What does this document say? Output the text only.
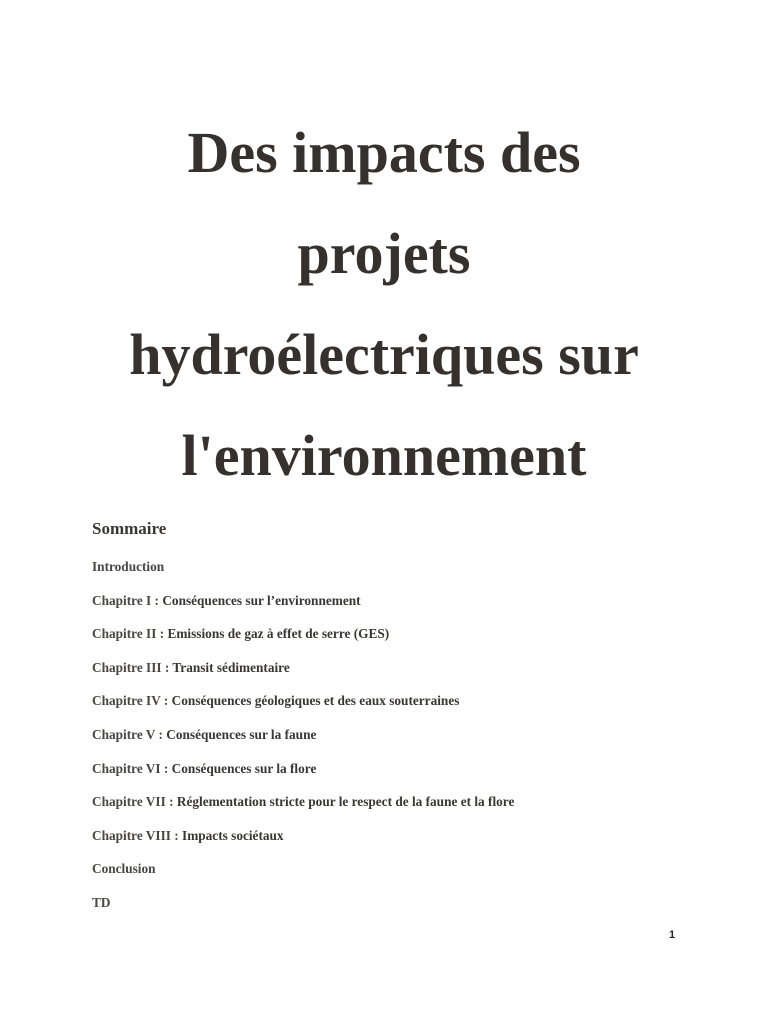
Des impacts des
projets
hydroélectriques sur
l'environnement
Sommaire
Introduction
Chapitre I : Conséquences sur l’environnement
Chapitre II : Emissions de gaz à effet de serre (GES)
Chapitre III : Transit sédimentaire
Chapitre IV : Conséquences géologiques et des eaux souterraines
Chapitre V : Conséquences sur la faune
Chapitre VI : Conséquences sur la flore
Chapitre VII : Réglementation stricte pour le respect de la faune et la flore
Chapitre VIII : Impacts sociétaux
Conclusion
TD
1
